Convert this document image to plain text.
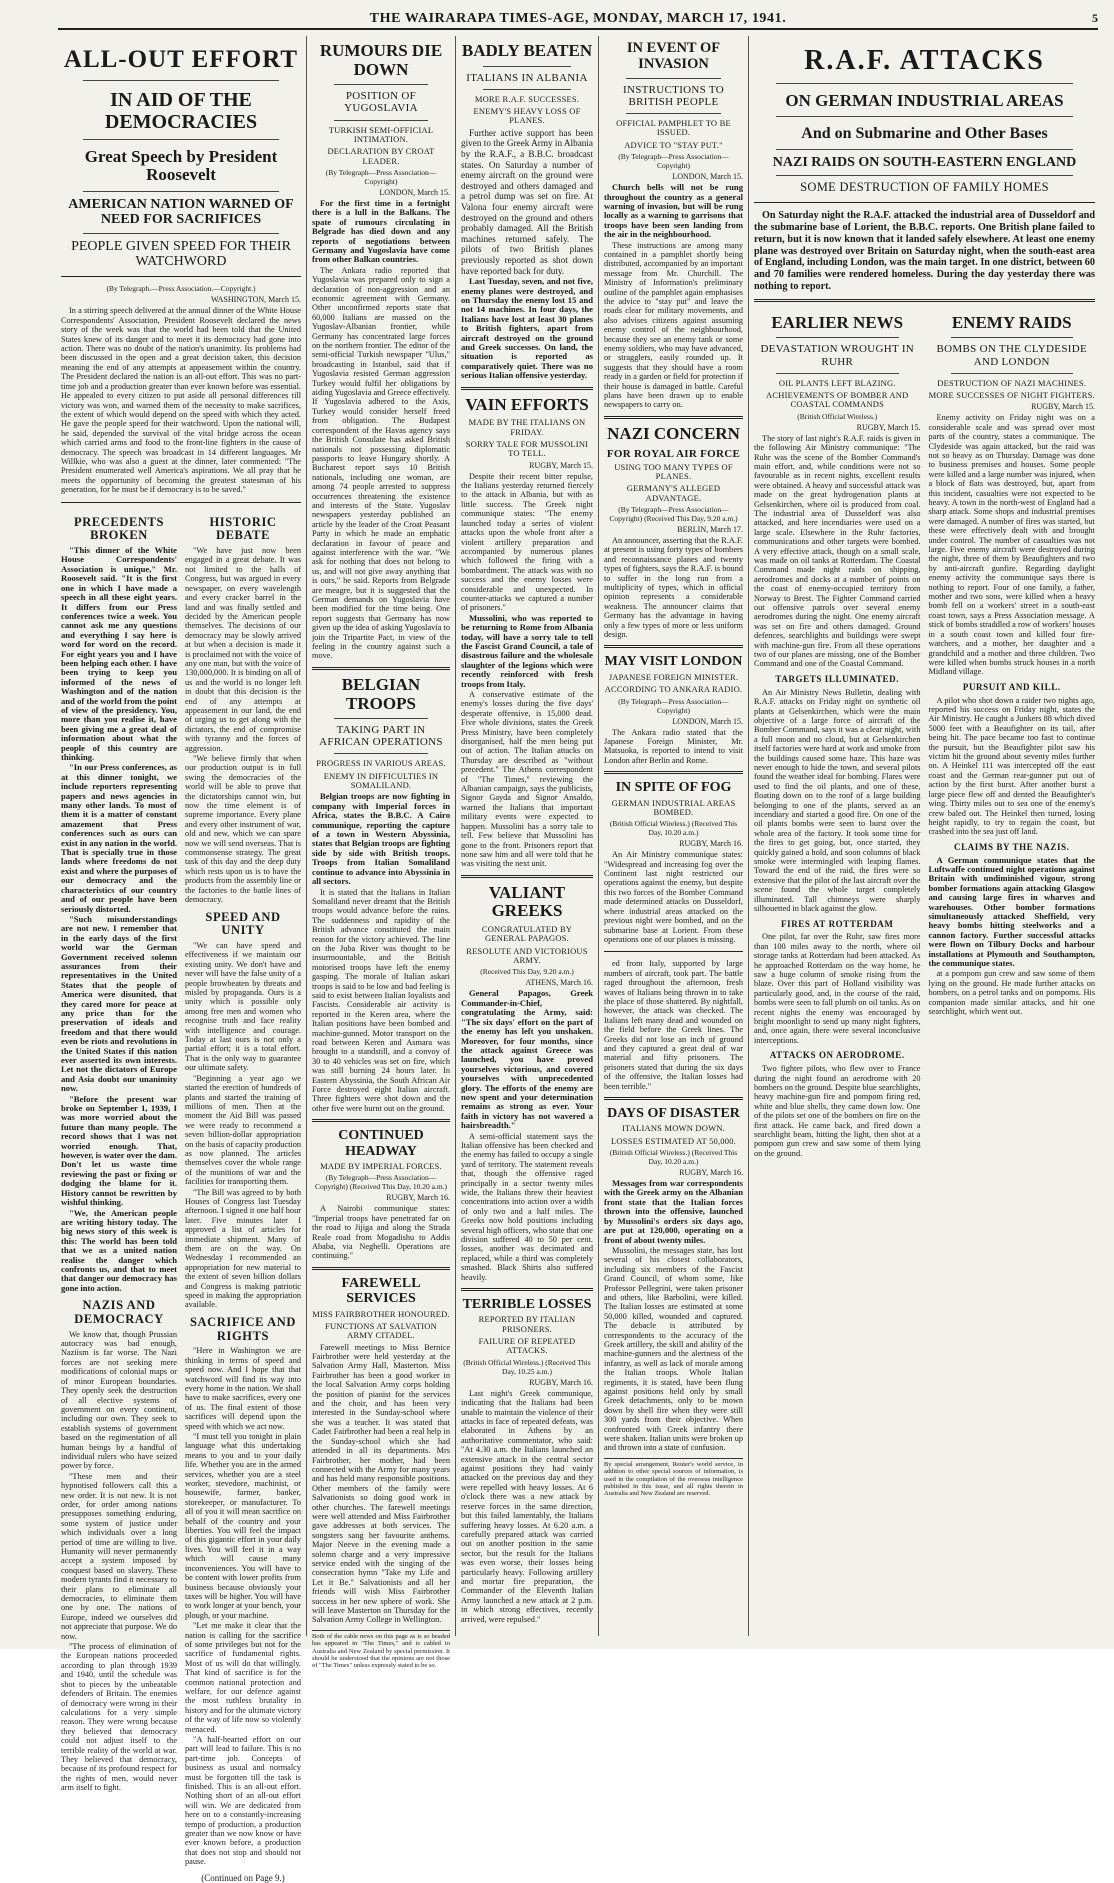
THE WAIRARAPA TIMES-AGE, MONDAY, MARCH 17, 1941.	5
ALL-OUT EFFORT
IN AID OF THE DEMOCRACIES
Great Speech by President Roosevelt
AMERICAN NATION WARNED OF NEED FOR SACRIFICES
PEOPLE GIVEN SPEED FOR THEIR WATCHWORD
(By Telegraph.—Press Association.—Copyright.)
WASHINGTON, March 15.

In a stirring speech delivered at the annual dinner of the White House Correspondents' Association, President Roosevelt declared the news story of the week was that the world had been told that the United States knew of its danger and to meet it its democracy had gone into action. There was no doubt of the nation's unanimity. Its problems had been discussed in the open and a great decision taken, this decision meaning the end of any attempts at appeasement within the country. The President declared the nation is an all-out effort. This was no part-time job and a production greater than ever known before was essential. He appealed to every citizen to put aside all personal differences till victory was won, and warned them of the necessity to make sacrifices, the extent of which would depend on the speed with which they acted. He gave the people speed for their watchword. Upon the national will, he said, depended the survival of the vital bridge across the ocean which carried arms and food to the front-line fighters in the cause of democracy. The speech was broadcast in 14 different languages. Mr Willkie, who was also a guest at the dinner, later commented: "The President enumerated well America's aspirations. We all pray that he meets the opportunity of becoming the greatest statesman of his generation, for he must be if democracy is to be saved."

PRECEDENTS BROKEN

"This dinner of the White House Correspondents' Association is unique," Mr. Roosevelt said. "It is the first one in which I have made a speech in all these eight years. It differs from our Press conferences twice a week. You cannot ask me any questions and everything I say here is word for word on the record. For eight years you and I have been helping each other. I have been trying to keep you informed of the news of Washington and of the nation and of the world from the point of view of the presidency. You, more than you realise it, have been giving me a great deal of information about what the people of this country are thinking.

"In our Press conferences, as at this dinner tonight, we include reporters representing papers and news agencies in many other lands. To most of them it is a matter of constant amazement that Press conferences such as ours can exist in any nation in the world. That is specially true in those lands where freedoms do not exist and where the purposes of our democracy and the characteristics of our country and of our people have been seriously distorted.

"Such misunderstandings are not new. I remember that in the early days of the first world war the German Government received solemn assurances from their representatives in the United States that the people of America were disunited, that they cared more for peace at any price than for the preservation of ideals and freedom and that there would even be riots and revolutions in the United States if this nation ever asserted its own interests. Let not the dictators of Europe and Asia doubt our unanimity now.

"Before the present war broke on September 1, 1939, I was more worried about the future than many people. The record shows that I was not worried enough. That, however, is water over the dam. Don't let us waste time reviewing the past or fixing or dodging the blame for it. History cannot be rewritten by wishful thinking.

"We, the American people are writing history today. The big news story of this week is this: The world has been told that we as a united nation realise the danger which confronts us, and that to meet that danger our democracy has gone into action.

NAZIS AND DEMOCRACY

We know that, though Prussian autocracy was bad enough, Naziism is far worse. The Nazi forces are not seeking mere modifications of colonial maps or of minor European boundaries. They openly seek the destruction of all elective systems of government on every continent, including our own. They seek to establish systems of government based on the regimentation of all human beings by a handful of individual rulers who have seized power by force.

"These men and their hypnotised followers call this a new order. It is not new. It is not order, for order among nations presupposes something enduring, some system of justice under which individuals over a long period of time are willing to live. Humanity will never permanently accept a system imposed by conquest based on slavery. These modern tyrants find it necessary to their plans to eliminate all democracies, to eliminate them one by one. The nations of Europe, indeed we ourselves did not appreciate that purpose. We do now.

"The process of elimination of the European nations proceeded according to plan through 1939 and 1940, until the schedule was shot to pieces by the unbeatable defenders of Britain. The enemies of democracy were wrong in their calculations for a very simple reason. They were wrong because they believed that democracy could not adjust itself to the terrible reality of the world at war. They believed that democracy, because of its profound respect for the rights of men, would never arm itself to fight.

HISTORIC DEBATE

"We have just now been engaged in a great debate. It was not limited to the halls of Congress, but was argued in every newspaper, on every wavelength and every cracker barrel in the land and was finally settled and decided by the American people themselves. The decisions of our democracy may be slowly arrived at but when a decision is made it is proclaimed not with the voice of any one man, but with the voice of 130,000,000. It is binding on all of us and the world is no longer left in doubt that this decision is the end of any attempts at appeasement in our land, the end of urging us to get along with the dictators, the end of compromise with tyranny and the forces of aggression.

"We believe firmly that when our production output is in full swing the democracies of the world will be able to prove that the dictatorships cannot win, but now the time element is of supreme importance. Every plane and every other instrument of war, old and new, which we can spare now we will send overseas. That is commonsense strategy. The great task of this day and the deep duty which rests upon us is to have the products from the assembly line or the factories to the battle lines of democracy.

SPEED AND UNITY

"We can have speed and effectiveness if we maintain our existing unity. We don't have and never will have the false unity of a people browbeaten by threats and misled by propaganda. Ours is a unity which is possible only among free men and women who recognise truth and face reality with intelligence and courage. Today at last ours is not only a partial effort; it is a total effort. That is the only way to guarantee our ultimate safety.

"Beginning a year ago we started the erection of hundreds of plants and started the training of millions of men. Then at the moment the Aid Bill was passed we were ready to recommend a seven billion-dollar appropriation on the basis of capacity production as now planned. The articles themselves cover the whole range of the munitions of war and the facilities for transporting them.

"The Bill was agreed to by both Houses of Congress last Tuesday afternoon. I signed it one half hour later. Five minutes later I approved a list of articles for immediate shipment. Many of them are on the way. On Wednesday I recommended an appropriation for new material to the extent of seven billion dollars and Congress is making patriotic speed in making the appropriation available.

SACRIFICE AND RIGHTS

"Here in Washington we are thinking in terms of speed and speed now. And I hope that that watchword will find its way into every home in the nation. We shall have to make sacrifices, every one of us. The final extent of those sacrifices will depend upon the speed with which we act now.

"I must tell you tonight in plain language what this undertaking means to you and to your daily life. Whether you are in the armed services, whether you are a steel worker, stevedore, machinist, or housewife, farmer, banker, storekeeper, or manufacturer. To all of you it will mean sacrifice on behalf of the country and your liberties. You will feel the impact of this gigantic effort in your daily lives. You will feel it in a way which will cause many inconveniences. You will have to be content with lower profits from business because obviously your taxes will be higher. You will have to work longer at your bench, your plough, or your machine.

"Let me make it clear that the nation is calling for the sacrifice of some privileges but not for the sacrifice of fundamental rights. Most of us will do that willingly. That kind of sacrifice is for the common national protection and welfare, for our defence against the most ruthless brutality in history and for the ultimate victory of the way of life now so violently menaced.

"A half-hearted effort on our part will lead to failure. This is no part-time job. Concepts of business as usual and normalcy must be forgotten till the task is finished. This is an all-out effort. Nothing short of an all-out effort will win. We are dedicated from here on to a constantly-increasing tempo of production, a production greater than we now know or have ever known before, a production that does not stop and should not pause.

(Continued on Page 9.)
RUMOURS DIE DOWN
POSITION OF YUGOSLAVIA
TURKISH SEMI-OFFICIAL INTIMATION.
DECLARATION BY CROAT LEADER.
(By Telegraph—Press Association—Copyright)
LONDON, March 15.

For the first time in a fortnight there is a lull in the Balkans. The spate of rumours circulating in Belgrade has died down and any reports of negotiations between Germany and Yugoslavia have come from other Balkan countries.

The Ankara radio reported that Yugoslavia was prepared only to sign a declaration of non-aggression and an economic agreement with Germany. Other unconfirmed reports state that 60,000 Italians are massed on the Yugoslav-Albanian frontier, while Germany has concentrated large forces on the northern frontier. The editor of the semi-official Turkish newspaper "Ulus," broadcasting in Istanbul, said that if Yugoslavia resisted German aggression Turkey would fulfil her obligations by aiding Yugoslavia and Greece effectively. If Yugoslavia adhered to the Axis, Turkey would consider herself freed from obligation. The Budapest correspondent of the Havas agency says the British Consulate has asked British nationals not possessing diplomatic passports to leave Hungary shortly. A Bucharest report says 10 British nationals, including one woman, are among 74 people arrested to suppress occurrences threatening the existence and interests of the State. Yugoslav newspapers yesterday published an article by the leader of the Croat Peasant Party in which he made an emphatic declaration in favour of peace and against interference with the war. "We ask for nothing that does not belong to us, and will not give away anything that is ours," he said. Reports from Belgrade are meagre, but it is suggested that the German demands on Yugoslavia have been modified for the time being. One report suggests that Germany has now given up the idea of asking Yugoslavia to join the Tripartite Pact, in view of the feeling in the country against such a move.

BELGIAN TROOPS
TAKING PART IN AFRICAN OPERATIONS
PROGRESS IN VARIOUS AREAS.
ENEMY IN DIFFICULTIES IN SOMALILAND.

Belgian troops are now fighting in company with Imperial forces in Africa, states the B.B.C. A Cairo communique, reporting the capture of a town in Western Abyssinia, states that Belgian troops are fighting side by side with British troops. Troops from Italian Somaliland continue to advance into Abyssinia in all sectors.

It is stated that the Italians in Italian Somaliland never dreamt that the British troops would advance before the rains. The suddenness and rapidity of the British advance constituted the main reason for the victory achieved. The line on the Juba River was thought to be insurmountable, and the British motorised troops have left the enemy gasping. The morale of Italian askari troops is said to be low and bad feeling is said to exist between Italian loyalists and Fascists. Considerable air activity is reported in the Keren area, where the Italian positions have been bombed and machine-gunned. Motor transport on the road between Keren and Asmara was brought to a standstill, and a convoy of 30 to 40 vehicles was set on fire, which was still burning 24 hours later. In Eastern Abyssinia, the South African Air Force destroyed eight Italian aircraft. Three fighters were shot down and the other five were burnt out on the ground.

CONTINUED HEADWAY
MADE BY IMPERIAL FORCES.
(By Telegraph—Press Association—Copyright) (Received This Day, 10.20 a.m.)
RUGBY, March 16.

A Nairobi communique states: "Imperial troops have penetrated far on the road to Jijiga and along the Strada Reale road from Mogadishu to Addis Ababa, via Neghelli. Operations are continuing."

FAREWELL SERVICES
MISS FAIRBROTHER HONOURED.
FUNCTIONS AT SALVATION ARMY CITADEL.

Farewell meetings to Miss Bernice Fairbrother were held yesterday at the Salvation Army Hall, Masterton. Miss Fairbrother has been a good worker in the local Salvation Army corps holding the position of pianist for the services and the choir, and has been very interested in the Sunday-school where she was a teacher. It was stated that Cadet Fairbrother had been a real help in the Sunday-school which she had attended in all its departments. Mrs Fairbrother, her mother, had been connected with the Army for many years and has held many responsible positions. Other members of the family were Salvationists so doing good work in other churches. The farewell meetings were well attended and Miss Fairbrother gave addresses at both services. The songsters sang her favourite anthems. Major Neeve in the evening made a solemn charge and a very impressive service ended with the singing of the consecration hymn "Take my Life and Let it Be." Salvationists and all her friends will wish Miss Fairbrother success in her new sphere of work. She will leave Masterton on Thursday for the Salvation Army College in Wellington.

Both of the cable news on this page as is so headed has appeared in "The Times," and is cabled to Australia and New Zealand by special permission. It should be understood that the opinions are not those of "The Times" unless expressly stated to be so.
BADLY BEATEN
ITALIANS IN ALBANIA
MORE R.A.F. SUCCESSES.
ENEMY'S HEAVY LOSS OF PLANES.

Further active support has been given to the Greek Army in Albania by the R.A.F., a B.B.C. broadcast states. On Saturday a number of enemy aircraft on the ground were destroyed and others damaged and a petrol dump was set on fire. At Valona four enemy aircraft were destroyed on the ground and others probably damaged. All the British machines returned safely. The pilots of two British planes previously reported as shot down have reported back for duty.

Last Tuesday, seven, and not five, enemy planes were destroyed, and on Thursday the enemy lost 15 and not 14 machines. In four days, the Italians have lost at least 30 planes to British fighters, apart from aircraft destroyed on the ground and Greek successes. On land, the situation is reported as comparatively quiet. There was no serious Italian offensive yesterday.

VAIN EFFORTS
MADE BY THE ITALIANS ON FRIDAY.
SORRY TALE FOR MUSSOLINI TO TELL.
RUGBY, March 15.

Despite their recent bitter repulse, the Italians yesterday returned fiercely to the attack in Albania, but with as little success. The Greek night communique states: "The enemy launched today a series of violent attacks upon the whole front after a violent artillery preparation and accompanied by numerous planes which followed the firing with a bombardment. The attack was with no success and the enemy losses were considerable and unexpected. In counter-attacks we captured a number of prisoners."

Mussolini, who was reported to be returning to Rome from Albania today, will have a sorry tale to tell the Fascist Grand Council, a tale of disastrous failure and the wholesale slaughter of the legions which were recently reinforced with fresh troops from Italy.

A conservative estimate of the enemy's losses during the five days' desperate offensive, is 15,000 dead. Five whole divisions, states the Greek Press Ministry, have been completely disorganised, half the men being put out of action. The Italian attacks on Thursday are described as "without precedent." The Athens correspondent of "The Times," reviewing the Albanian campaign, says the publicists, Signor Gayda and Signor Ansaldo, warned the Italians that important military events were expected to happen. Mussolini has a sorry tale to tell. Few believe that Mussolini has gone to the front. Prisoners report that none saw him and all were told that he was visiting the next unit.

VALIANT GREEKS
CONGRATULATED BY GENERAL PAPAGOS.
RESOLUTE AND VICTORIOUS ARMY.
(Received This Day, 9.20 a.m.)
ATHENS, March 16.

General Papagos, Greek Commander-in-Chief, congratulating the Army, said: "The six days' effort on the part of the enemy has left you unshaken. Moreover, for four months, since the attack against Greece was launched, you have proved yourselves victorious, and covered yourselves with unprecedented glory. The efforts of the enemy are now spent and your determination remains as strong as ever. Your faith in victory has not wavered a hairsbreadth."

A semi-official statement says the Italian offensive has been checked and the enemy has failed to occupy a single yard of territory. The statement reveals that, though the offensive raged principally in a sector twenty miles wide, the Italians threw their heaviest concentrations into action over a width of only two and a half miles. The Greeks now hold positions including several high officers, who state that one division suffered 40 to 50 per cent. losses, another was decimated and replaced, while a third was completely smashed. Black Shirts also suffered heavily.

TERRIBLE LOSSES
REPORTED BY ITALIAN PRISONERS.
FAILURE OF REPEATED ATTACKS.
(British Official Wireless.) (Received This Day, 10.25 a.m.)
RUGBY, March 16.

Last night's Greek communique, indicating that the Italians had been unable to maintain the violence of their attacks in face of repeated defeats, was elaborated in Athens by an authoritative commentator, who said: "At 4.30 a.m. the Italians launched an extensive attack in the central sector against positions they had vainly attacked on the previous day and they were repelled with heavy losses. At 6 o'clock there was a new attack by reserve forces in the same direction, but this failed lamentably, the Italians suffering heavy losses. At 6.20 a.m. a carefully prepared attack was carried out on another position in the same sector, but the result for the Italians was even worse, their losses being particularly heavy. Following artillery and mortar fire preparation, the Commander of the Eleventh Italian Army launched a new attack at 2 p.m. in which strong effectives, recently arrived, were repulsed."

IN EVENT OF INVASION
INSTRUCTIONS TO BRITISH PEOPLE
OFFICIAL PAMPHLET TO BE ISSUED.
ADVICE TO "STAY PUT."
(By Telegraph—Press Association—Copyright)
LONDON, March 15.

Church bells will not be rung throughout the country as a general warning of invasion, but will be rung locally as a warning to garrisons that troops have been seen landing from the air in the neighbourhood.

These instructions are among many contained in a pamphlet shortly being distributed, accompanied by an important message from Mr. Churchill. The Ministry of Information's preliminary outline of the pamphlet again emphasises the advice to "stay put" and leave the roads clear for military movements, and also advises citizens against assuming enemy control of the neighbourhood, because they see an enemy tank or some enemy soldiers, who may have advanced, or stragglers, easily rounded up. It suggests that they should have a room ready in a garden or field for protection if their house is damaged in battle. Careful plans have been drawn up to enable newspapers to carry on.

NAZI CONCERN
FOR ROYAL AIR FORCE
USING TOO MANY TYPES OF PLANES.
GERMANY'S ALLEGED ADVANTAGE.
(By Telegraph—Press Association—Copyright) (Received This Day, 9.20 a.m.)
BERLIN, March 17.

An announcer, asserting that the R.A.F. at present is using forty types of bombers and reconnaissance planes and twenty types of fighters, says the R.A.F. is bound to suffer in the long run from a multiplicity of types, which in official opinion represents a considerable weakness. The announcer claims that Germany has the advantage in having only a few types of more or less uniform design.

MAY VISIT LONDON
JAPANESE FOREIGN MINISTER.
ACCORDING TO ANKARA RADIO.
(By Telegraph—Press Association—Copyright)
LONDON, March 15.

The Ankara radio stated that the Japanese Foreign Minister, Mr. Matsuoka, is reported to intend to visit London after Berlin and Rome.

IN SPITE OF FOG
GERMAN INDUSTRIAL AREAS BOMBED.
(British Official Wireless.) (Received This Day, 10.20 a.m.)
RUGBY, March 16.

An Air Ministry communique states: "Widespread and increasing fog over the Continent last night restricted our operations against the enemy, but despite this two forces of the Bomber Command made determined attacks on Dusseldorf, where industrial areas attacked on the previous night were bombed, and on the submarine base at Lorient. From these operations one of our planes is missing.

ed from Italy, supported by large numbers of aircraft, took part. The battle raged throughout the afternoon, fresh waves of Italians being thrown in to take the place of those shattered. By nightfall, however, the attack was checked. The Italians left many dead and wounded on the field before the Greek lines. The Greeks did not lose an inch of ground and they captured a great deal of war material and fifty prisoners. The prisoners stated that during the six days of the offensive, the Italian losses had been terrible."

DAYS OF DISASTER
ITALIANS MOWN DOWN.
LOSSES ESTIMATED AT 50,000.
(British Official Wireless.) (Received This Day, 10.20 a.m.)
RUGBY, March 16.

Messages from war correspondents with the Greek army on the Albanian front state that the Italian forces thrown into the offensive, launched by Mussolini's orders six days ago, are put at 120,000, operating on a front of about twenty miles.

Mussolini, the messages state, has lost several of his closest collaborators, including six members of the Fascist Grand Council, of whom some, like Professor Pellegrini, were taken prisoner and others, like Barbolini, were killed. The Italian losses are estimated at some 50,000 killed, wounded and captured. The debacle is attributed by correspondents to the accuracy of the Greek artillery, the skill and ability of the machine-gunners and the alertness of the infantry, as well as lack of morale among the Italian troops. Whole Italian regiments, it is stated, have been flung against positions held only by small Greek detachments, only to be mown down by shell fire when they were still 300 yards from their objective. When confronted with Greek infantry there were shaken. Italian units were broken up and thrown into a state of confusion.

By special arrangement, Reuter's world service, in addition to other special sources of information, is used in the compilation of the overseas intelligence published in this issue, and all rights therein in Australia and New Zealand are reserved.
R.A.F. ATTACKS
ON GERMAN INDUSTRIAL AREAS
And on Submarine and Other Bases
NAZI RAIDS ON SOUTH-EASTERN ENGLAND
SOME DESTRUCTION OF FAMILY HOMES

On Saturday night the R.A.F. attacked the industrial area of Dusseldorf and the submarine base of Lorient, the B.B.C. reports. One British plane failed to return, but it is now known that it landed safely elsewhere. At least one enemy plane was destroyed over Britain on Saturday night, when the south-east area of England, including London, was the main target. In one district, between 60 and 70 families were rendered homeless. During the day yesterday there was nothing to report.

EARLIER NEWS
DEVASTATION WROUGHT IN RUHR
OIL PLANTS LEFT BLAZING.
ACHIEVEMENTS OF BOMBER AND COASTAL COMMANDS
(British Official Wireless.)
RUGBY, March 15.

The story of last night's R.A.F. raids is given in the following Air Ministry communique: "The Ruhr was the scene of the Bomber Command's main effort, and, while conditions were not so favourable as in recent nights, excellent results were obtained. A heavy and successful attack was made on the great hydrogenation plants at Gelsenkirchen, where oil is produced from coal. The industrial area of Dusseldorf was also attacked, and here incendiaries were used on a large scale. Elsewhere in the Ruhr factories, communications and other targets were bombed. A very effective attack, though on a small scale, was made on oil tanks at Rotterdam. The Coastal Command made night raids on shipping, aerodromes and docks at a number of points on the coast of enemy-occupied territory from Norway to Brest. The Fighter Command carried out offensive patrols over several enemy aerodromes during the night. One enemy aircraft was set on fire and others damaged. Ground defences, searchlights and buildings were swept with machine-gun fire. From all these operations two of our planes are missing, one of the Bomber Command and one of the Coastal Command.

TARGETS ILLUMINATED.

An Air Ministry News Bulletin, dealing with R.A.F. attacks on Friday night on synthetic oil plants at Gelsenkirchen, which were the main objective of a large force of aircraft of the Bomber Command, says it was a clear night, with a full moon and no cloud, but at Gelsenkirchen itself factories were hard at work and smoke from the buildings caused some haze. This haze was never enough to hide the town, and several pilots found the weather ideal for bombing. Flares were used to find the oil plants, and one of these, floating down on to the roof of a large building belonging to one of the plants, served as an incendiary and started a good fire. On one of the oil plants bombs were seen to burst over the whole area of the factory. It took some time for the fires to get going, but, once started, they quickly gained a hold, and soon columns of black smoke were intermingled with leaping flames. Toward the end of the raid, the fires were so extensive that the pilot of the last aircraft over the scene found the whole target completely illuminated. Tall chimneys were sharply silhouetted in black against the glow.

FIRES AT ROTTERDAM

One pilot, far over the Ruhr, saw fires more than 100 miles away to the north, where oil storage tanks at Rotterdam had been attacked. As he approached Rotterdam on the way home, he saw a huge column of smoke rising from the blaze. Over this part of Holland visibility was particularly good, and, in the course of the raid, bombs were seen to fall plumb on oil tanks. As on recent nights the enemy was encouraged by bright moonlight to send up many night fighters, and, once again, there were several inconclusive interceptions.

ATTACKS ON AERODROME.

Two fighter pilots, who flew over to France during the night found an aerodrome with 20 bombers on the ground. Despite blue searchlights, heavy machine-gun fire and pompom firing red, white and blue shells, they came down low. One of the pilots set one of the bombers on fire on the first attack. He came back, and fired down a searchlight beam, hitting the light, then shot at a pompom gun crew and saw some of them lying on the ground.

ENEMY RAIDS
BOMBS ON THE CLYDESIDE AND LONDON
DESTRUCTION OF NAZI MACHINES.
MORE SUCCESSES OF NIGHT FIGHTERS.
RUGBY, March 15.

Enemy activity on Friday night was on a considerable scale and was spread over most parts of the country, states a communique. The Clydeside was again attacked, but the raid was not so heavy as on Thursday. Damage was done to business premises and houses. Some people were killed and a large number was injured, when a block of flats was destroyed, but, apart from this incident, casualties were not expected to be heavy. A town in the north-west of England had a sharp attack. Some shops and industrial premises were damaged. A number of fires was started, but these were effectively dealt with and brought under control. The number of casualties was not large. Five enemy aircraft were destroyed during the night, three of them by Beaufighters and two by anti-aircraft gunfire. Regarding daylight enemy activity the communique says there is nothing to report. Four of one family, a father, mother and two sons, were killed when a heavy bomb fell on a workers' street in a south-east coast town, says a Press Association message. A stick of bombs straddled a row of workers' houses in a south coast town and killed four fire-watchers, and a mother, her daughter and a grandchild and a mother and three children. Two were killed when bombs struck houses in a north Midland village.

PURSUIT AND KILL.

A pilot who shot down a raider two nights ago, reported his success on Friday night, states the Air Ministry. He caught a Junkers 88 which dived 5000 feet with a Beaufighter on its tail, after being hit. The pace became too fast to continue the pursuit, but the Beaufighter pilot saw his victim hit the ground about seventy miles further on. A Heinkel 111 was intercepted off the east coast and the German rear-gunner put out of action by the first burst. After another burst a large piece flew off and dented the Beaufighter's wing. Thirty miles out to sea one of the enemy's crew baled out. The Heinkel then turned, losing height rapidly, to try to regain the coast, but crashed into the sea just off land.

CLAIMS BY THE NAZIS.

A German communique states that the Luftwaffe continued night operations against Britain with undiminished vigour, strong bomber formations again attacking Glasgow and causing large fires in wharves and warehouses. Other bomber formations simultaneously attacked Sheffield, very heavy bombs hitting steelworks and a cannon factory. Further successful attacks were flown on Tilbury Docks and harbour installations at Plymouth and Southampton, the communique states.

at a pompom gun crew and saw some of them lying on the ground. He made further attacks on bombers, on a petrol tanks and on pompoms. His companion made similar attacks, and hit one searchlight, which went out.
